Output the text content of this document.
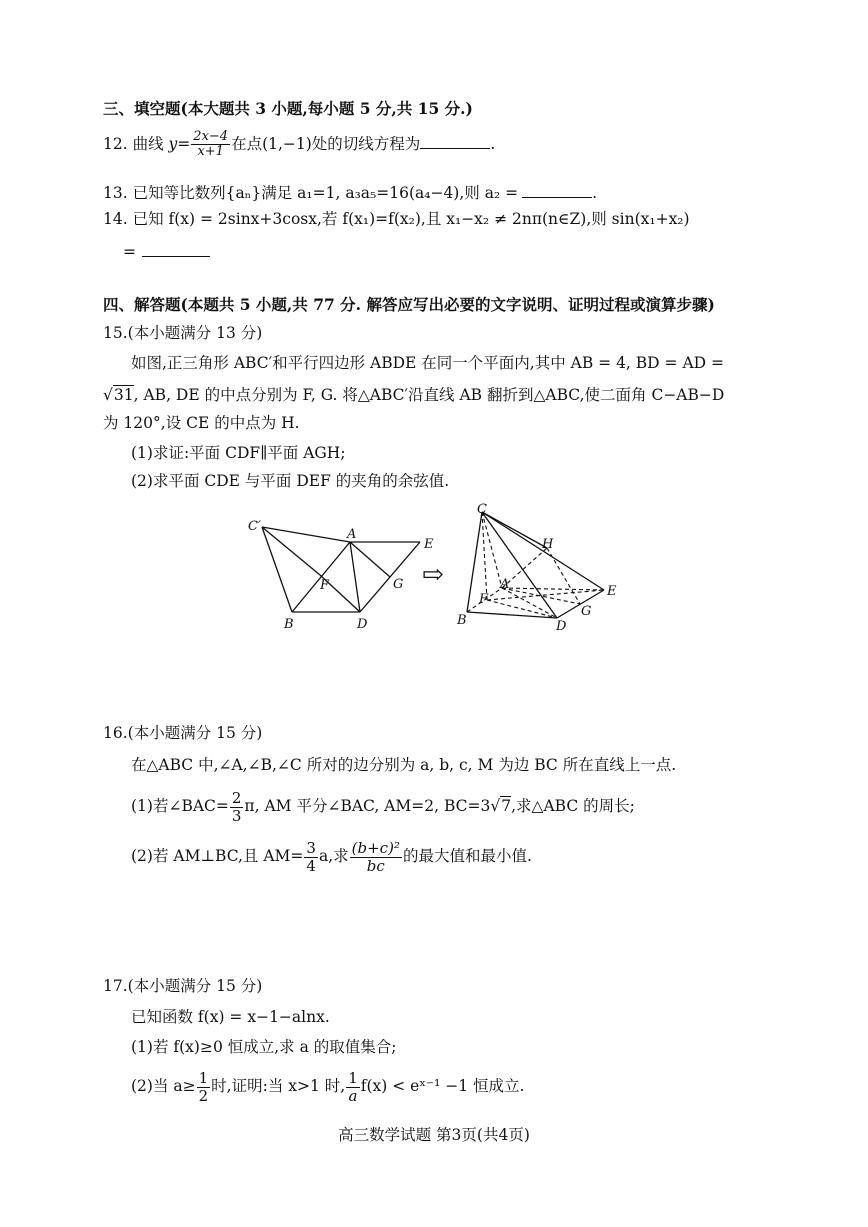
三、填空题(本大题共 3 小题,每小题 5 分,共 15 分.)
12. 曲线 $y= \frac{2x-4}{x+1}$ 在点(1,−1)处的切线方程为	.
13. 已知等比数列{aₙ}满足 a₁=1, a₃a₅=16(a₄−4),则 a₂ =	.
14. 已知 f(x) = 2sinx+3cosx,若 f(x₁)=f(x₂),且 x₁−x₂ ≠ 2nπ(n∈Z),则 sin(x₁+x₂)
=
四、解答题(本题共 5 小题,共 77 分. 解答应写出必要的文字说明、证明过程或演算步骤)
15.(本小题满分 13 分)
如图,正三角形 ABC′和平行四边形 ABDE 在同一个平面内,其中 AB = 4, BD = AD =
√31, AB, DE 的中点分别为 F, G. 将△ABC′沿直线 AB 翻折到△ABC,使二面角 C−AB−D
为 120°,设 CE 的中点为 H.
(1)求证:平面 CDF∥平面 AGH;
(2)求平面 CDE 与平面 DEF 的夹角的余弦值.
C′
A
E
F	G
B	D
⇨
C
H
A
F
E
G
B	D
16.(本小题满分 15 分)
在△ABC 中,∠A,∠B,∠C 所对的边分别为 a, b, c, M 为边 BC 所在直线上一点.
(1)若∠BAC= $\frac{2}{3} \pi$, AM 平分∠BAC, AM=2, BC=3√7,求△ABC 的周长;
(2)若 AM⊥BC,且 $AM= \frac{3}{4} a$,求 $\frac{\text{(b+c)²}}{bc}$ 的最大值和最小值.
17.(本小题满分 15 分)
已知函数 f(x) = x−1−alnx.
(1)若 f(x)≥0 恒成立,求 a 的取值集合;
(2)当 $a\ge \frac{1}{2}$ 时,证明:当 x>1 时, $\frac{1}{a} f(x)$ < eˣ⁻¹ −1 恒成立.
高三数学试题 第3页(共4页)
